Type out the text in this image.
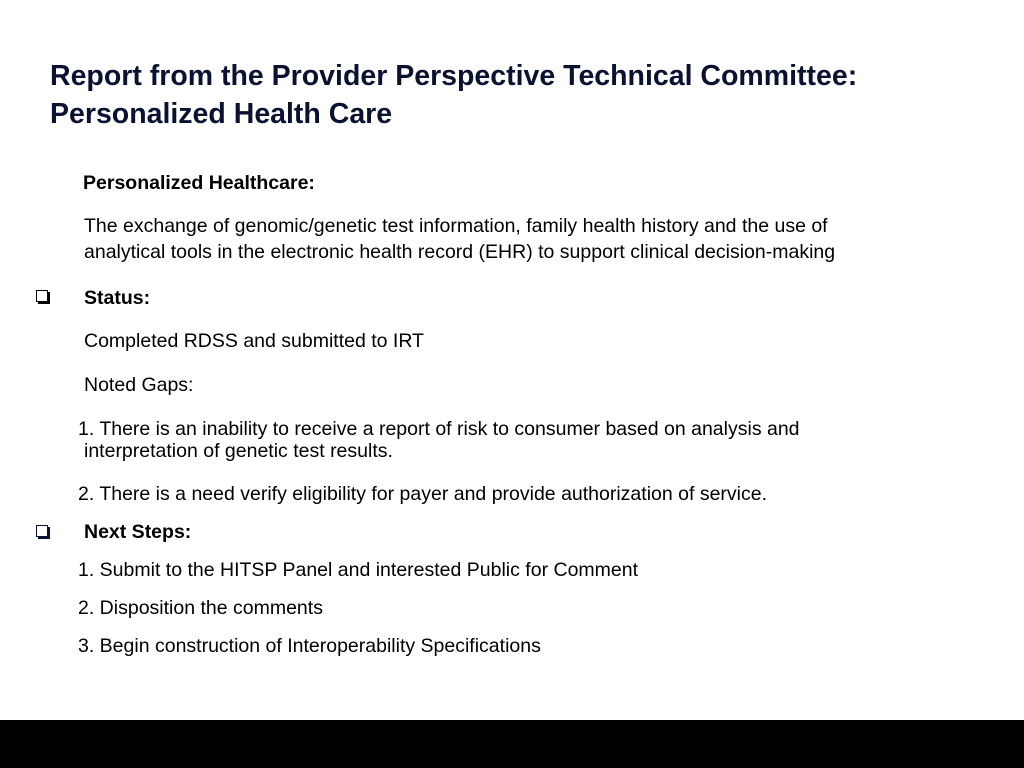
Report from the Provider Perspective Technical Committee: Personalized Health Care

Personalized Healthcare:

The exchange of genomic/genetic test information, family health history and the use of

analytical tools in the electronic health record (EHR) to support clinical decision-making

Status:

Completed RDSS and submitted to IRT

Noted Gaps:

1. There is an inability to receive a report of risk to consumer based on analysis and

interpretation of genetic test results.

2. There is a need verify eligibility for payer and provide authorization of service.

Next Steps:

1. Submit to the HITSP Panel and interested Public for Comment

2. Disposition the comments

3. Begin construction of Interoperability Specifications
